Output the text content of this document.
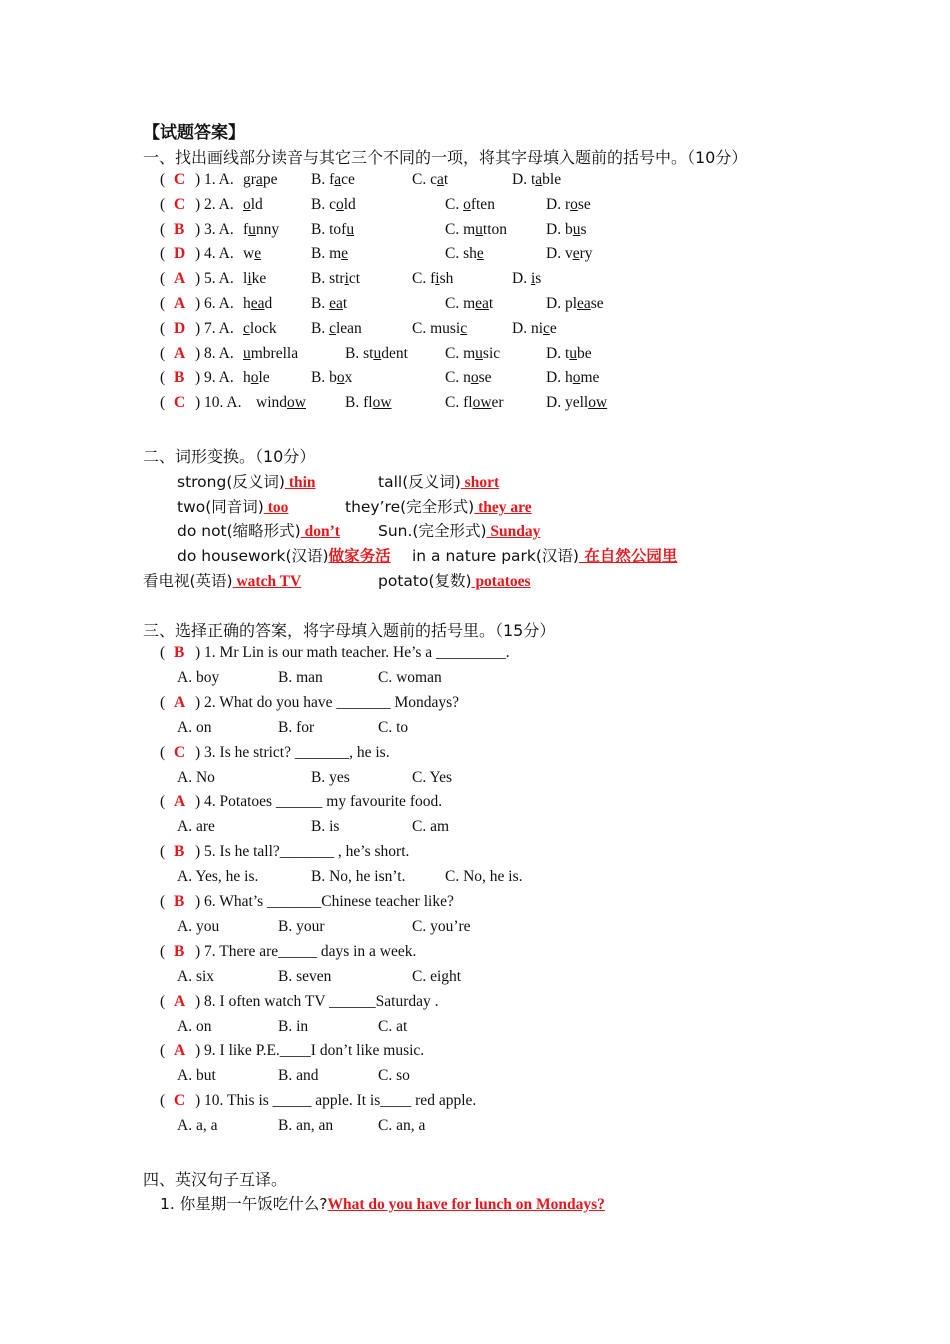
【试题答案】
一、找出画线部分读音与其它三个不同的一项，将其字母填入题前的括号中。（10分）
( C ) 1. A. grape B. face	C. cat	D. table
( C ) 2. A. old	B. cold	C. often	D. rose
( B ) 3. A. funny B. tofu	C. mutton	D. bus
( D ) 4. A. we	B. me	C. she	D. very
( A ) 5. A. like	B. strict	C. fish	D. is
( A ) 6. A. head B. eat	C. meat	D. please
( D ) 7. A. clock B. clean	C. music	D. nice
( A ) 8. A. umbrella	B. student C. music	D. tube
( B ) 9. A. hole	B. box	C. nose	D. home
( C ) 10. A. window	B. flow	C. flower	D. yellow
二、词形变换。（10分）
strong(反义词) thin	tall(反义词) short
two(同音词) too	they’re(完全形式) they are
do not(缩略形式) don’t Sun.(完全形式) Sunday
do housework(汉语)做家务活 in a nature park(汉语) 在自然公园里
看电视(英语) watch TV	potato(复数) potatoes
三、选择正确的答案，将字母填入题前的括号里。（15分）
( B ) 1. Mr Lin is our math teacher. He’s a _________.
A. boy	B. man	C. woman
( A ) 2. What do you have _______ Mondays?
A. on	B. for	C. to
( C ) 3. Is he strict? _______, he is.
A. No	B. yes	C. Yes
( A ) 4. Potatoes ______ my favourite food.
A. are	B. is	C. am
( B ) 5. Is he tall?_______ , he’s short.
A. Yes, he is.	B. No, he isn’t.	C. No, he is.
( B ) 6. What’s _______Chinese teacher like?
A. you	B. your	C. you’re
( B ) 7. There are_____ days in a week.
A. six	B. seven	C. eight
( A ) 8. I often watch TV ______Saturday .
A. on	B. in	C. at
( A ) 9. I like P.E.____I don’t like music.
A. but	B. and	C. so
( C ) 10. This is _____ apple. It is____ red apple.
A. a, a	B. an, an	C. an, a
四、英汉句子互译。
1. 你星期一午饭吃什么?What do you have for lunch on Mondays?
